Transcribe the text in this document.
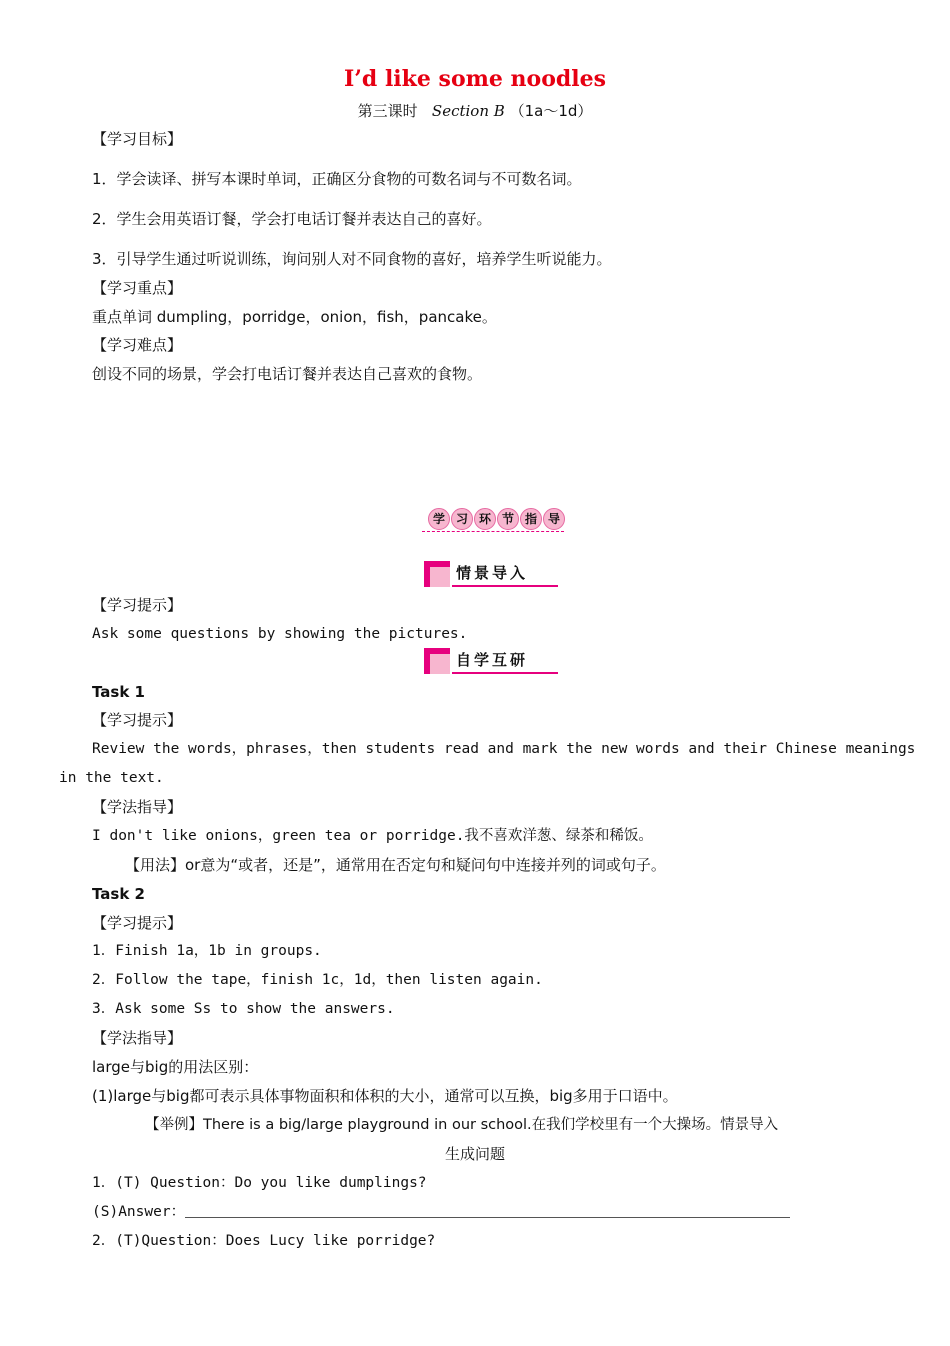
I’d like some noodles
第三课时 Section B （1a～1d）
【学习目标】
1．学会读译、拼写本课时单词，正确区分食物的可数名词与不可数名词。
2．学生会用英语订餐，学会打电话订餐并表达自己的喜好。
3．引导学生通过听说训练，询问别人对不同食物的喜好，培养学生听说能力。
【学习重点】
重点单词 dumpling，porridge，onion，fish，pancake。
【学习难点】
创设不同的场景，学会打电话订餐并表达自己喜欢的食物。
学 习 环 节 指 导
情景导入
【学习提示】
Ask some questions by showing the pictures.
自学互研
Task 1
【学习提示】
Review the words，phrases，then students read and mark the new words and their Chinese meanings
in the text.
【学法指导】
I don't like onions，green tea or porridge.我不喜欢洋葱、绿茶和稀饭。
【用法】or意为“或者，还是”，通常用在否定句和疑问句中连接并列的词或句子。
Task 2
【学习提示】
1．Finish 1a，1b in groups.
2．Follow the tape，finish 1c，1d，then listen again.
3．Ask some Ss to show the answers.
【学法指导】
large与big的用法区别：
(1)large与big都可表示具体事物面积和体积的大小，通常可以互换，big多用于口语中。
【举例】There is a big/large playground in our school.在我们学校里有一个大操场。情景导入
生成问题
1．(T) Question：Do you like dumplings?
(S)Answer：
2．(T)Question：Does Lucy like porridge?
